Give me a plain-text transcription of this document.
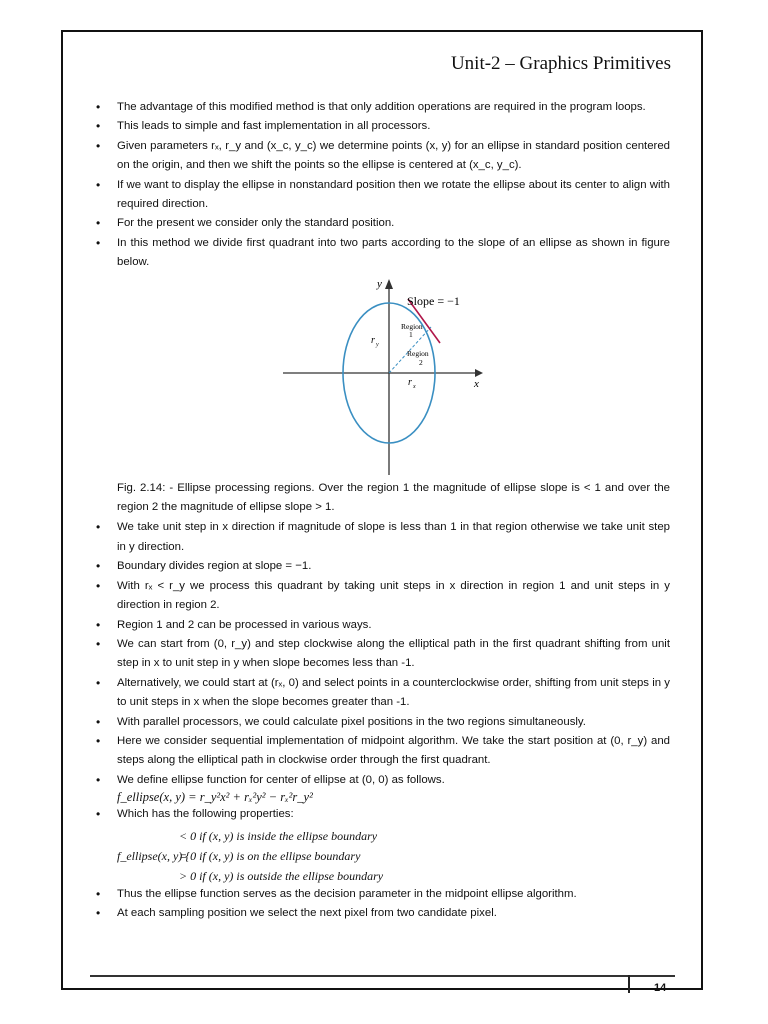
Unit-2 – Graphics Primitives
• The advantage of this modified method is that only addition operations are required in the program loops.
• This leads to simple and fast implementation in all processors.
• Given parameters rₓ, r_y and (x_c, y_c) we determine points (x, y) for an ellipse in standard position centered on the origin, and then we shift the points so the ellipse is centered at (x_c, y_c).
• If we want to display the ellipse in nonstandard position then we rotate the ellipse about its center to align with required direction.
• For the present we consider only the standard position.
• In this method we divide first quadrant into two parts according to the slope of an ellipse as shown in figure below.
y
x
Slope = −1
Region
1
Region
2
r y
r x
Fig. 2.14: - Ellipse processing regions. Over the region 1 the magnitude of ellipse slope is < 1 and over the region 2 the magnitude of ellipse slope > 1.
• We take unit step in x direction if magnitude of slope is less than 1 in that region otherwise we take unit step in y direction.
• Boundary divides region at slope = −1.
• With rₓ < r_y we process this quadrant by taking unit steps in x direction in region 1 and unit steps in y direction in region 2.
• Region 1 and 2 can be processed in various ways.
• We can start from (0, r_y) and step clockwise along the elliptical path in the first quadrant shifting from unit step in x to unit step in y when slope becomes less than -1.
• Alternatively, we could start at (rₓ, 0) and select points in a counterclockwise order, shifting from unit steps in y to unit steps in x when the slope becomes greater than -1.
• With parallel processors, we could calculate pixel positions in the two regions simultaneously.
• Here we consider sequential implementation of midpoint algorithm. We take the start position at (0, r_y) and steps along the elliptical path in clockwise order through the first quadrant.
• We define ellipse function for center of ellipse at (0, 0) as follows.
f_ellipse(x, y) = r_y²x² + rₓ²y² − rₓ²r_y²
• Which has the following properties:
f_ellipse(x, y) {
< 0 if (x, y) is inside the ellipse boundary
= 0 if (x, y) is on the ellipse boundary
> 0 if (x, y) is outside the ellipse boundary
• Thus the ellipse function serves as the decision parameter in the midpoint ellipse algorithm.
• At each sampling position we select the next pixel from two candidate pixel.
14
